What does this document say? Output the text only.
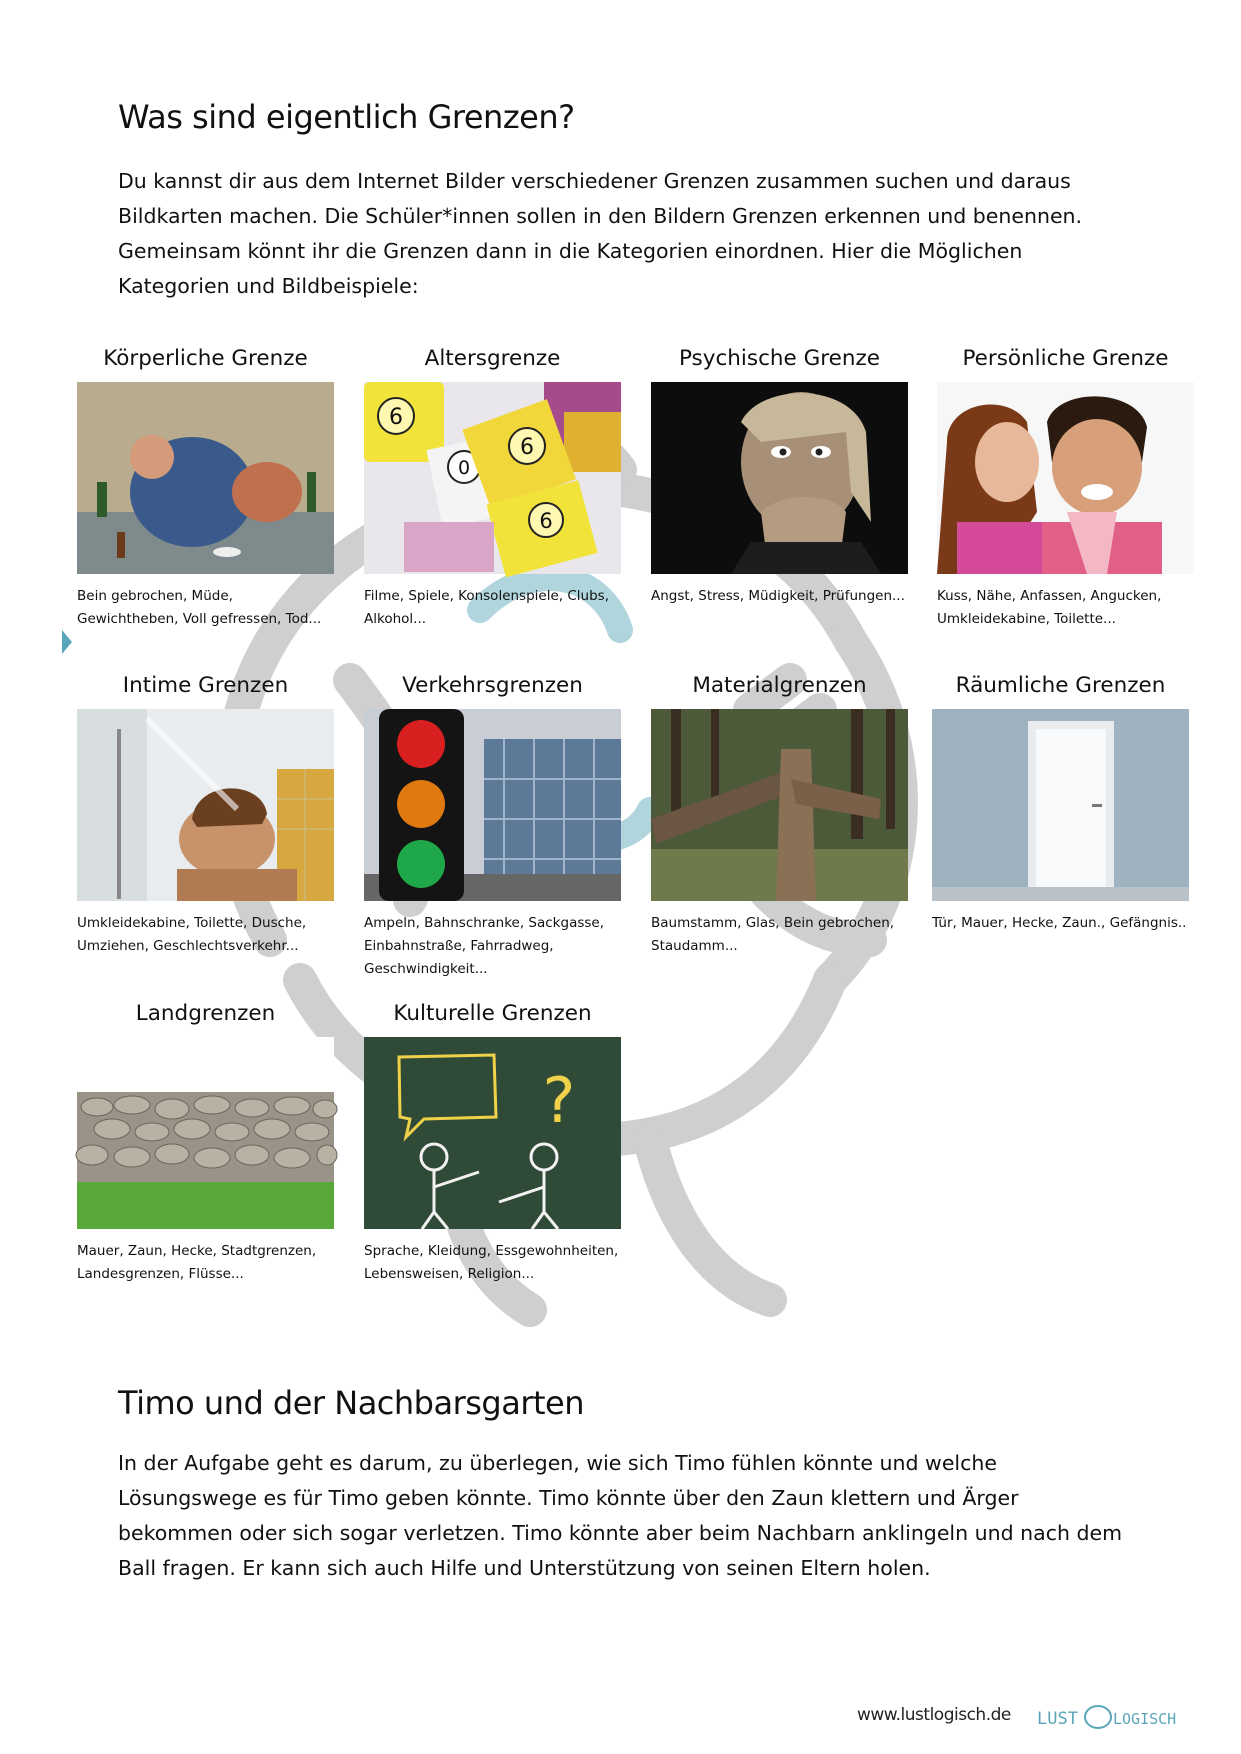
Was sind eigentlich Grenzen?

Du kannst dir aus dem Internet Bilder verschiedener Grenzen zusammen suchen und daraus Bildkarten machen. Die Schüler*innen sollen in den Bildern Grenzen erkennen und benennen. Gemeinsam könnt ihr die Grenzen dann in die Kategorien einordnen. Hier die Möglichen Kategorien und Bildbeispiele:

Körperliche Grenze

Bein gebrochen, Müde, Gewichtheben, Voll gefressen, Tod...

Altersgrenze
6
0
6
6

Filme, Spiele, Konsolenspiele, Clubs, Alkohol...

Psychische Grenze

Angst, Stress, Müdigkeit, Prüfungen...

Persönliche Grenze

Kuss, Nähe, Anfassen, Angucken, Umkleidekabine, Toilette...

Intime Grenzen

Umkleidekabine, Toilette, Dusche, Umziehen, Geschlechtsverkehr...

Verkehrsgrenzen

Ampeln, Bahnschranke, Sackgasse, Einbahnstraße, Fahrradweg, Geschwindigkeit...

Materialgrenzen

Baumstamm, Glas, Bein gebrochen, Staudamm...

Räumliche Grenzen

Tür, Mauer, Hecke, Zaun., Gefängnis..

Landgrenzen

Mauer, Zaun, Hecke, Stadtgrenzen, Landesgrenzen, Flüsse...

Kulturelle Grenzen
?

Sprache, Kleidung, Essgewohnheiten, Lebensweisen, Religion...

Timo und der Nachbarsgarten

In der Aufgabe geht es darum, zu überlegen, wie sich Timo fühlen könnte und welche Lösungswege es für Timo geben könnte. Timo könnte über den Zaun klettern und Ärger bekommen oder sich sogar verletzen. Timo könnte aber beim Nachbarn anklingeln und nach dem Ball fragen. Er kann sich auch Hilfe und Unterstützung von seinen Eltern holen.

www.lustlogisch.de LUST LOGISCH
